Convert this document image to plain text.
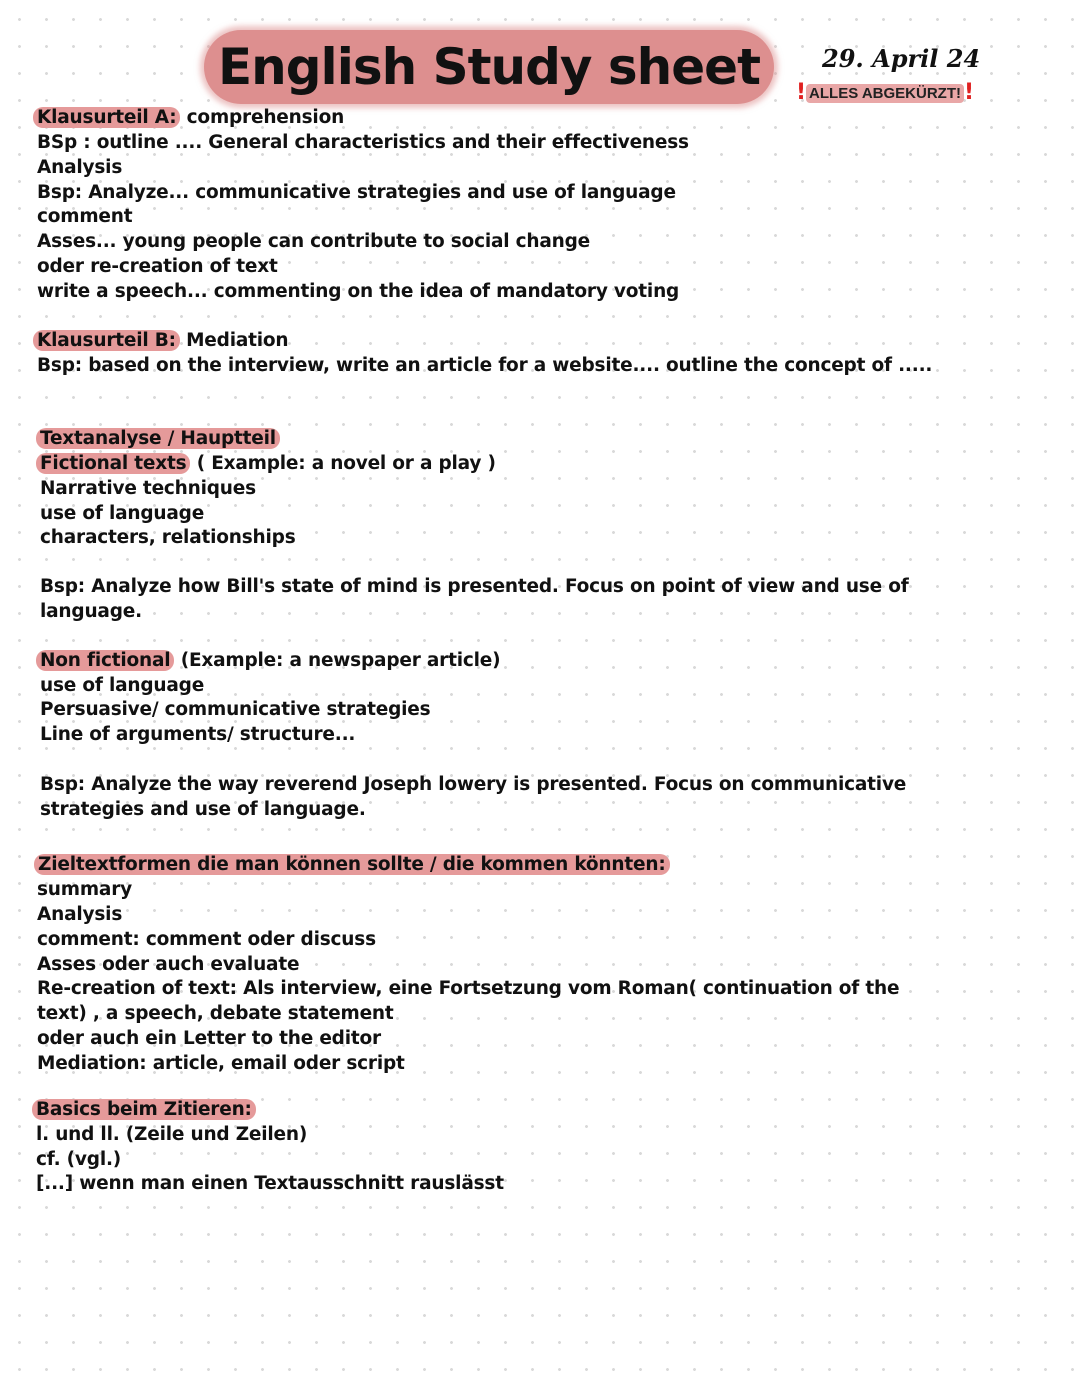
English Study sheet	29. April 24
! ALLES ABGEKÜRZT! !
Klausurteil A: comprehension
BSp : outline .... General characteristics and their effectiveness
Analysis
Bsp: Analyze... communicative strategies and use of language
comment
Asses... young people can contribute to social change
oder re-creation of text
write a speech... commenting on the idea of mandatory voting
Klausurteil B: Mediation
Bsp: based on the interview, write an article for a website.... outline the concept of .....
Textanalyse / Hauptteil
Fictional texts ( Example: a novel or a play )
Narrative techniques
use of language
characters, relationships
Bsp: Analyze how Bill's state of mind is presented. Focus on point of view and use of
language.
Non fictional (Example: a newspaper article)
use of language
Persuasive/ communicative strategies
Line of arguments/ structure...
Bsp: Analyze the way reverend Joseph lowery is presented. Focus on communicative
strategies and use of language.
Zieltextformen die man können sollte / die kommen könnten:
summary
Analysis
comment: comment oder discuss
Asses oder auch evaluate
Re-creation of text: Als interview, eine Fortsetzung vom Roman( continuation of the
text) , a speech, debate statement
oder auch ein Letter to the editor
Mediation: article, email oder script
Basics beim Zitieren:
l. und ll. (Zeile und Zeilen)
cf. (vgl.)
[...] wenn man einen Textausschnitt rauslässt
